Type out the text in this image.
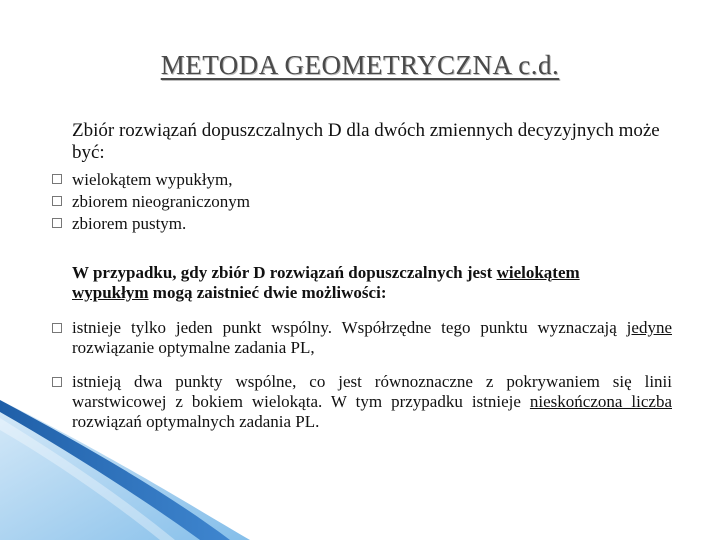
METODA GEOMETRYCZNA c.d.
Zbiór rozwiązań dopuszczalnych D dla dwóch zmiennych decyzyjnych może być:
wielokątem wypukłym,
zbiorem nieograniczonym
zbiorem pustym.
W przypadku, gdy zbiór D rozwiązań dopuszczalnych jest wielokątem wypukłym mogą zaistnieć dwie możliwości:
istnieje tylko jeden punkt wspólny. Współrzędne tego punktu wyznaczają jedyne rozwiązanie optymalne zadania PL,
istnieją dwa punkty wspólne, co jest równoznaczne z pokrywaniem się linii warstwicowej z bokiem wielokąta. W tym przypadku istnieje nieskończona liczba rozwiązań optymalnych zadania PL.
